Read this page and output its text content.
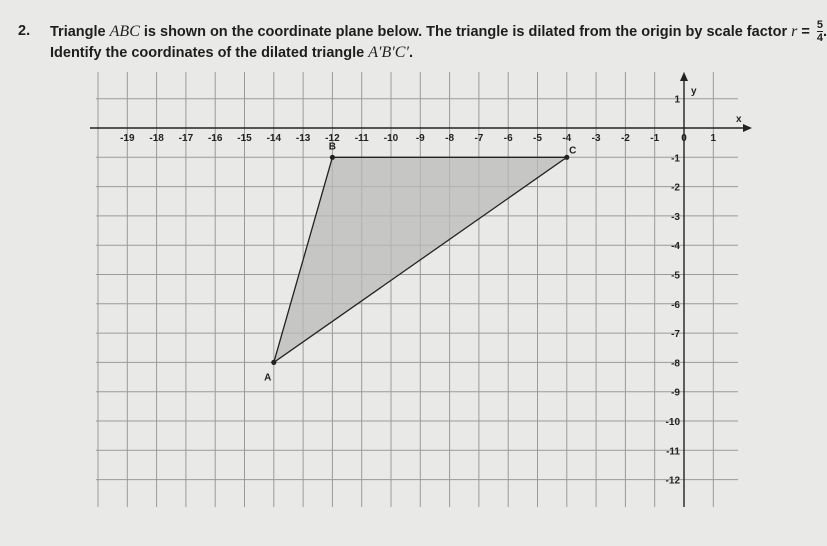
2. Triangle ABC is shown on the coordinate plane below. The triangle is dilated from the origin by scale factor $r = \frac{5}{4}$ .
Identify the coordinates of the dilated triangle A′B′C′.
-19 -18 -17 -16 -15 -14 -13 -12 -11 -10 -9 -8 -7 -6 -5 -4 -3 -2 -1 0 1
1
-1
-2
-3
-4
-5
-6
-7
-8
-9
-10
-11
-12
x
y
A
B	C
